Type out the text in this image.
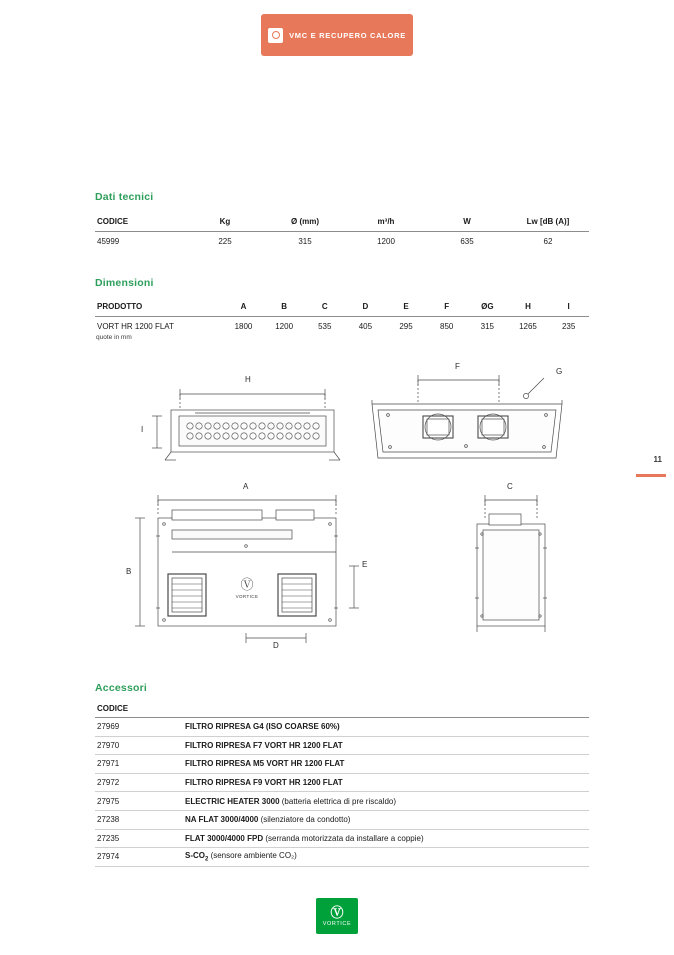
VMC E RECUPERO CALORE
Dati tecnici
CODICE	Kg	Ø (mm)	m³/h	W	Lw [dB (A)]
45999	225	315	1200	635	62
Dimensioni
PRODOTTO	A	B	C	D	E	F	ØG	H	I
VORT HR 1200 FLAT	1800	1200	535	405	295	850	315	1265	235
quote in mm
H
I
F
G
Ⓥ
VORTICE
A
B
D
E
C
11
Accessori
CODICE	
27969	FILTRO RIPRESA G4 (ISO COARSE 60%)
27970	FILTRO RIPRESA F7 VORT HR 1200 FLAT
27971	FILTRO RIPRESA M5 VORT HR 1200 FLAT
27972	FILTRO RIPRESA F9 VORT HR 1200 FLAT
27975	ELECTRIC HEATER 3000 (batteria elettrica di pre riscaldo)
27238	NA FLAT 3000/4000 (silenziatore da condotto)
27235	FLAT 3000/4000 FPD (serranda motorizzata da installare a coppie)
27974	$S-CO_2$ (sensore ambiente CO₂)
Ⓥ
VORTICE
